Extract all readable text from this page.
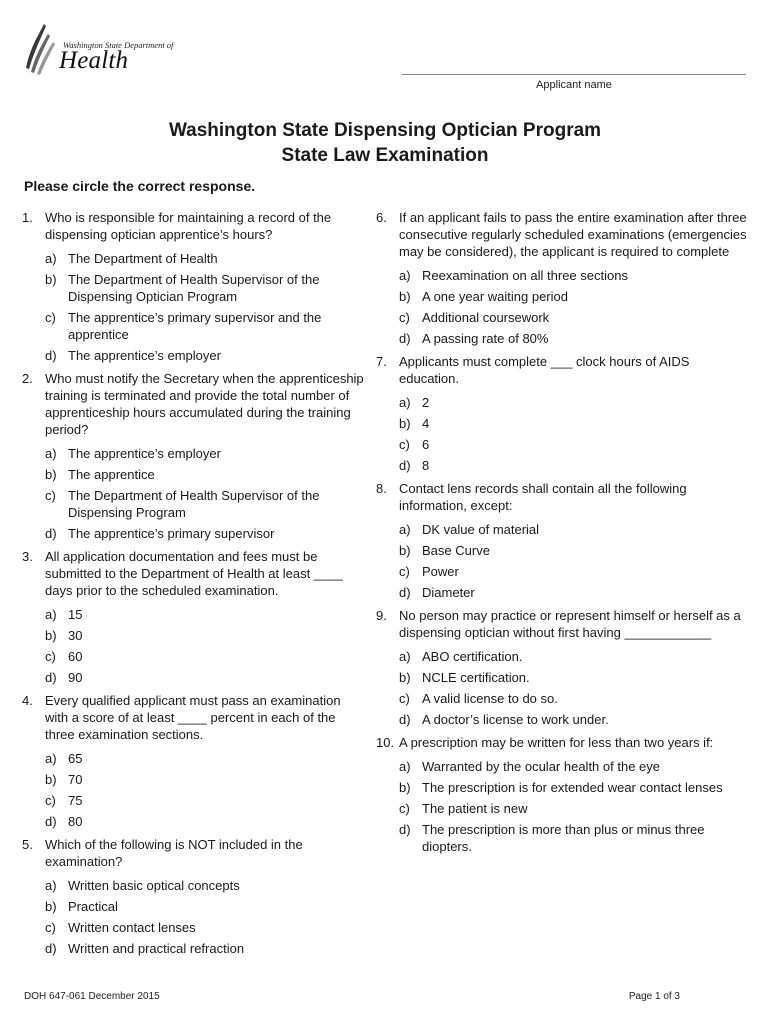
Washington State Department of
Health
Applicant name
Washington State Dispensing Optician Program
State Law Examination
Please circle the correct response.
1. Who is responsible for maintaining a record of the dispensing optician apprentice’s hours?
a) The Department of Health
b) The Department of Health Supervisor of the Dispensing Optician Program
c) The apprentice’s primary supervisor and the apprentice
d) The apprentice’s employer
2. Who must notify the Secretary when the apprenticeship training is terminated and provide the total number of apprenticeship hours accumulated during the training period?
a) The apprentice’s employer
b) The apprentice
c) The Department of Health Supervisor of the Dispensing Program
d) The apprentice’s primary supervisor
3. All application documentation and fees must be submitted to the Department of Health at least ____ days prior to the scheduled examination.
a) 15
b) 30
c) 60
d) 90
4. Every qualified applicant must pass an examination with a score of at least ____ percent in each of the three examination sections.
a) 65
b) 70
c) 75
d) 80
5. Which of the following is NOT included in the examination?
a) Written basic optical concepts
b) Practical
c) Written contact lenses
d) Written and practical refraction
6. If an applicant fails to pass the entire examination after three consecutive regularly scheduled examinations (emergencies may be considered), the applicant is required to complete
a) Reexamination on all three sections
b) A one year waiting period
c) Additional coursework
d) A passing rate of 80%
7. Applicants must complete ___ clock hours of AIDS education.
a) 2
b) 4
c) 6
d) 8
8. Contact lens records shall contain all the following information, except:
a) DK value of material
b) Base Curve
c) Power
d) Diameter
9. No person may practice or represent himself or herself as a dispensing optician without first having ____________
a) ABO certification.
b) NCLE certification.
c) A valid license to do so.
d) A doctor’s license to work under.
10. A prescription may be written for less than two years if:
a) Warranted by the ocular health of the eye
b) The prescription is for extended wear contact lenses
c) The patient is new
d) The prescription is more than plus or minus three diopters.
DOH 647-061 December 2015	Page 1 of 3
